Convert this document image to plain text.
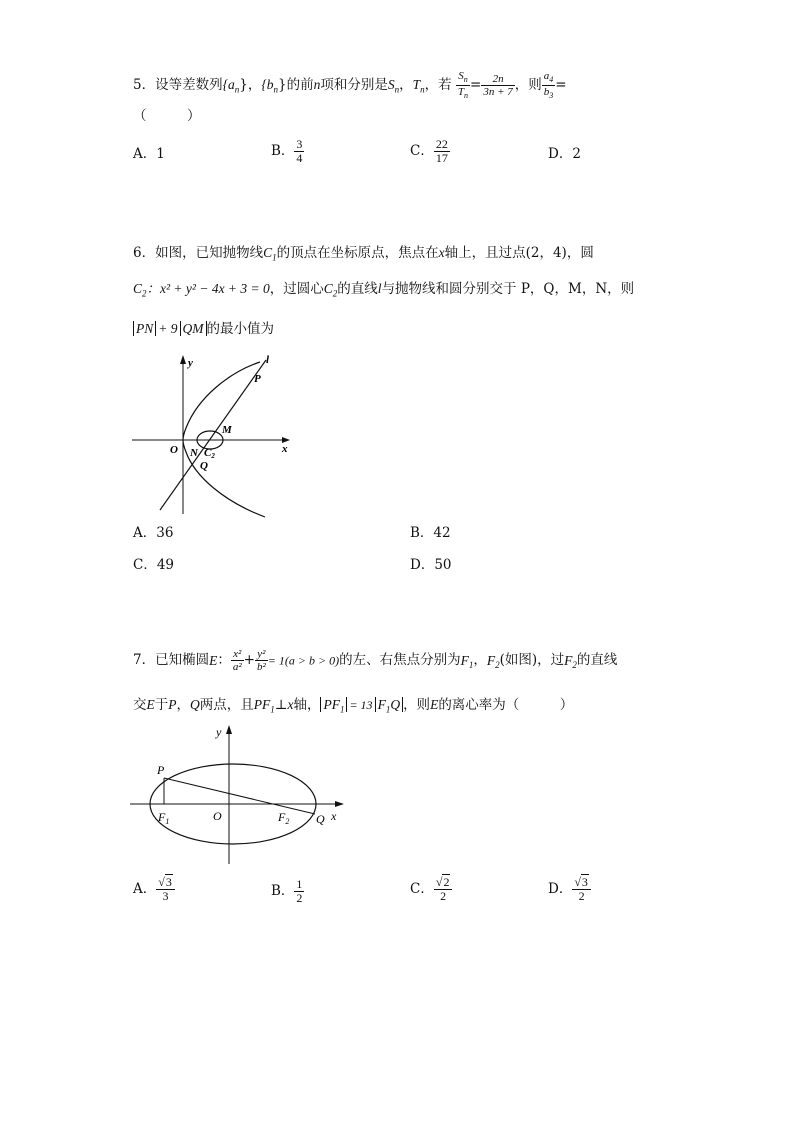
5．设等差数列$\{a_n\}$，$\{b_n\}$的前n项和分别是$S_n$，$T_n$，若 $\frac{S_n}{T_n} = \frac{2n}{3n + 7}$ ，则 $\frac{a_4}{b_3}$ =
（　　　）
A．1	B． $\frac{3}{4}$	C． $\frac{22}{17}$	D．2
6．如图，已知抛物线$C_1$的顶点在坐标原点，焦点在x轴上，且过点(2，4)，圆
$C_2$：x² + y² − 4x + 3 = 0，过圆心$C_2$的直线l与抛物线和圆分别交于 P，Q，M，N，则
PN + 9 QM 的最小值为
y	l
P
M
x
O N C2
Q
A．36	B．42
C．49	D．50
7．已知椭圆E： $\frac{\text{x²}}{\text{a²}} + \frac{\text{y²}}{\text{b²}} = 1(a > b > 0)$的左、右焦点分别为$F_1$，$F_2$(如图)，过$F_2$的直线
交E于P，Q两点，且$PF_1\perp x$轴， $PF_1 = 13$ $F_1Q$ ，则E的离心率为（　　　）
y
P
$F_1$	O	$F_2$ Q x
A． $\frac{√3}{3}$	B． $\frac{1}{2}$	C． $\frac{√2}{2}$	D． $\frac{√3}{2}$
